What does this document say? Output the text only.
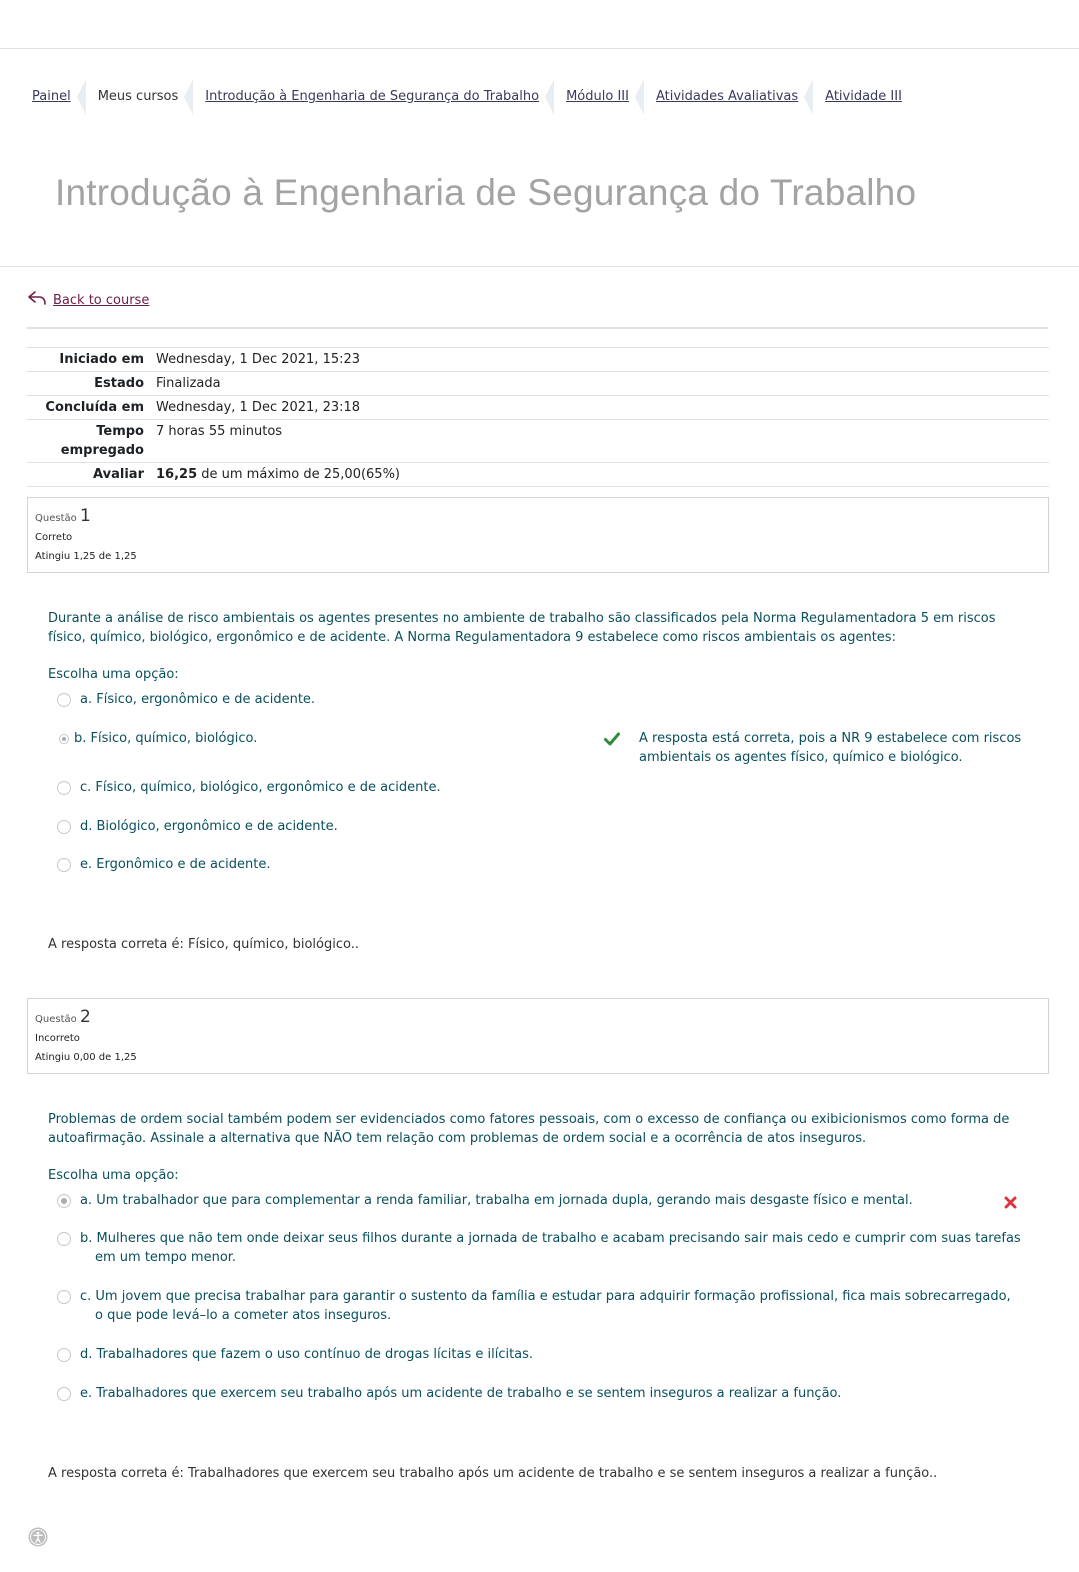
Painel Meus cursos Introdução à Engenharia de Segurança do Trabalho Módulo III Atividades Avaliativas Atividade III
Introdução à Engenharia de Segurança do Trabalho
Back to course
Iniciado em	Wednesday, 1 Dec 2021, 15:23
Estado	Finalizada
Concluída em	Wednesday, 1 Dec 2021, 23:18
Tempo empregado	7 horas 55 minutos
Avaliar	16,25 de um máximo de 25,00(65%)
Questão 1
Correto
Atingiu 1,25 de 1,25
Durante a análise de risco ambientais os agentes presentes no ambiente de trabalho são classificados pela Norma Regulamentadora 5 em riscos físico, químico, biológico, ergonômico e de acidente. A Norma Regulamentadora 9 estabelece como riscos ambientais os agentes:
Escolha uma opção:
a. Físico, ergonômico e de acidente.
b. Físico, químico, biológico.	A resposta está correta, pois a NR 9 estabelece com riscos ambientais os agentes físico, químico e biológico.
c. Físico, químico, biológico, ergonômico e de acidente.
d. Biológico, ergonômico e de acidente.
e. Ergonômico e de acidente.
A resposta correta é: Físico, químico, biológico..
Questão 2
Incorreto
Atingiu 0,00 de 1,25
Problemas de ordem social também podem ser evidenciados como fatores pessoais, com o excesso de confiança ou exibicionismos como forma de autoafirmação. Assinale a alternativa que NÃO tem relação com problemas de ordem social e a ocorrência de atos inseguros.
Escolha uma opção:
a. Um trabalhador que para complementar a renda familiar, trabalha em jornada dupla, gerando mais desgaste físico e mental.
b. Mulheres que não tem onde deixar seus filhos durante a jornada de trabalho e acabam precisando sair mais cedo e cumprir com suas tarefas em um tempo menor.
c. Um jovem que precisa trabalhar para garantir o sustento da família e estudar para adquirir formação profissional, fica mais sobrecarregado, o que pode levá–lo a cometer atos inseguros.
d. Trabalhadores que fazem o uso contínuo de drogas lícitas e ilícitas.
e. Trabalhadores que exercem seu trabalho após um acidente de trabalho e se sentem inseguros a realizar a função.
A resposta correta é: Trabalhadores que exercem seu trabalho após um acidente de trabalho e se sentem inseguros a realizar a função..
